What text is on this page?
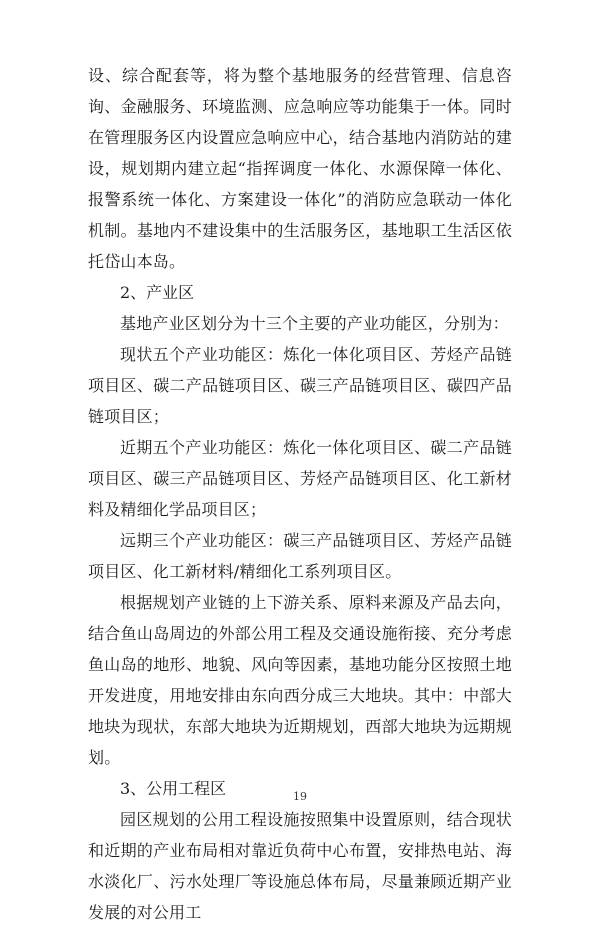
设、综合配套等，将为整个基地服务的经营管理、信息咨询、金融服务、环境监测、应急响应等功能集于一体。同时在管理服务区内设置应急响应中心，结合基地内消防站的建设，规划期内建立起“指挥调度一体化、水源保障一体化、报警系统一体化、方案建设一体化”的消防应急联动一体化机制。基地内不建设集中的生活服务区，基地职工生活区依托岱山本岛。

2、产业区

基地产业区划分为十三个主要的产业功能区，分别为：

现状五个产业功能区：炼化一体化项目区、芳烃产品链项目区、碳二产品链项目区、碳三产品链项目区、碳四产品链项目区；

近期五个产业功能区：炼化一体化项目区、碳二产品链项目区、碳三产品链项目区、芳烃产品链项目区、化工新材料及精细化学品项目区；

远期三个产业功能区：碳三产品链项目区、芳烃产品链项目区、化工新材料/精细化工系列项目区。

根据规划产业链的上下游关系、原料来源及产品去向，结合鱼山岛周边的外部公用工程及交通设施衔接、充分考虑鱼山岛的地形、地貌、风向等因素，基地功能分区按照土地开发进度，用地安排由东向西分成三大地块。其中：中部大地块为现状，东部大地块为近期规划，西部大地块为远期规划。

3、公用工程区

园区规划的公用工程设施按照集中设置原则，结合现状和近期的产业布局相对靠近负荷中心布置，安排热电站、海水淡化厂、污水处理厂等设施总体布局，尽量兼顾近期产业发展的对公用工

19
